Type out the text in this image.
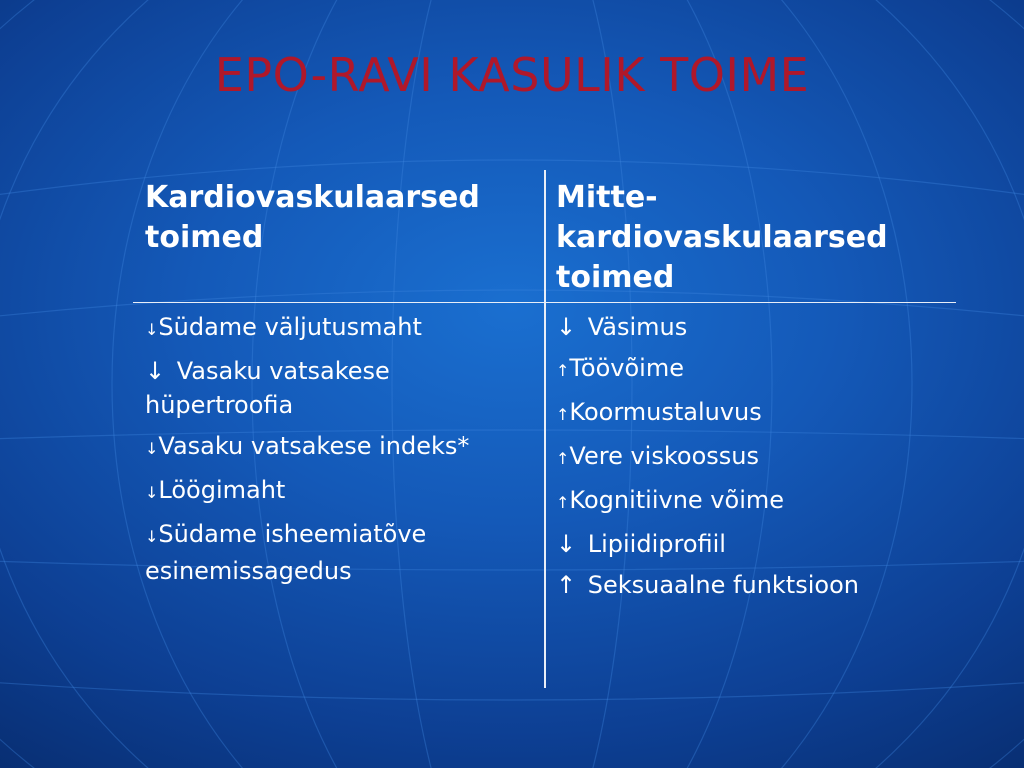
EPO-RAVI KASULIK TOIME
Kardiovaskulaarsed
toimed
↓Südame väljutusmaht
↓ Vasaku vatsakese hüpertroofia
↓Vasaku vatsakese indeks*
↓Löögimaht
↓Südame isheemiatõve esinemissagedus
Mitte-
kardiovaskulaarsed
toimed
↓ Väsimus
↑Töövõime
↑Koormustaluvus
↑Vere viskoossus
↑Kognitiivne võime
↓ Lipiidiprofiil
↑ Seksuaalne funktsioon
